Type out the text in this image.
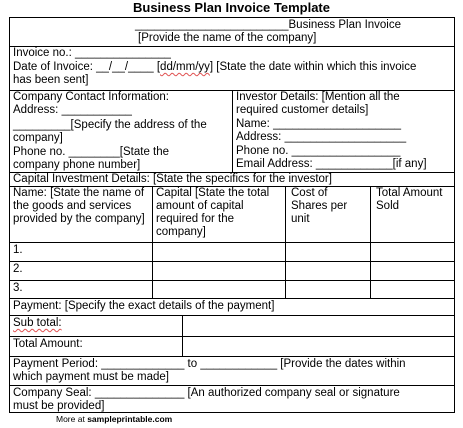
Business Plan Invoice Template
________________________Business Plan Invoice
[Provide the name of the company]
Invoice no.: _______________
Date of Invoice: __/__/____ [dd/mm/yy] [State the date within which this invoice
has been sent]
Company Contact Information:
Address: ___________
_________[Specify the address of the
company]
Phone no. ________[State the
company phone number]
Investor Details: [Mention all the
required customer details]
Name: ____________________
Address: ___________________
Phone no. _________________
Email Address: ____________[if any]
Capital Investment Details: [State the specifics for the investor]
Name: [State the name of the goods and services provided by the company]
Capital [State the total amount of capital required for the company]
Cost of Shares per unit
Total Amount Sold
1.
2.
3.
Payment: [Specify the exact details of the payment]
Sub total:
Total Amount:
Payment Period: _____________ to ____________ [Provide the dates within
which payment must be made]
Company Seal: ______________ [An authorized company seal or signature
must be provided]
More at sampleprintable.com
